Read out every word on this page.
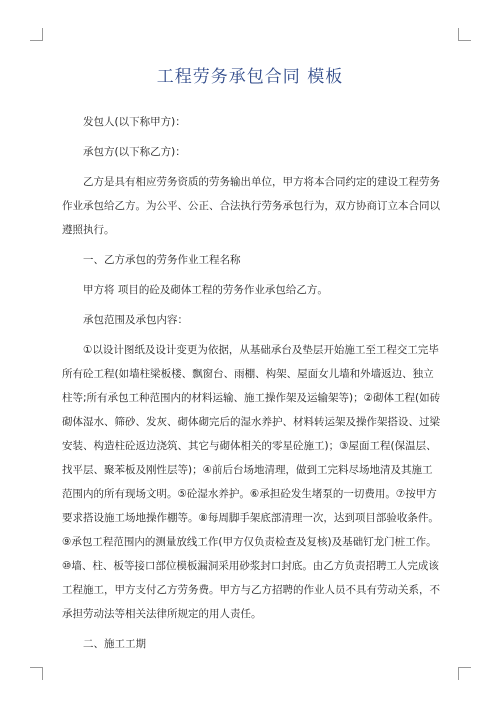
工程劳务承包合同 模板

发包人(以下称甲方)：

承包方(以下称乙方)：

乙方是具有相应劳务资质的劳务输出单位，甲方将本合同约定的建设工程劳务作业承包给乙方。为公平、公正、合法执行劳务承包行为，双方协商订立本合同以遵照执行。

一、乙方承包的劳务作业工程名称

甲方将 项目的砼及砌体工程的劳务作业承包给乙方。

承包范围及承包内容：

①以设计图纸及设计变更为依据，从基础承台及垫层开始施工至工程交工完毕所有砼工程(如墙柱梁板楼、飘窗台、雨棚、构架、屋面女儿墙和外墙返边、独立柱等;所有承包工种范围内的材料运输、施工操作架及运输架等)；②砌体工程(如砖砌体湿水、筛砂、发灰、砌体砌完后的湿水养护、材料转运架及操作架搭设、过梁安装、构造柱砼返边浇筑、其它与砌体相关的零星砼施工)；③屋面工程(保温层、找平层、聚苯板及刚性层等)；④前后台场地清理，做到工完料尽场地清及其施工范围内的所有现场文明。⑤砼湿水养护。⑥承担砼发生堵泵的一切费用。⑦按甲方要求搭设施工场地操作棚等。⑧每周脚手架底部清理一次，达到项目部验收条件。⑨承包工程范围内的测量放线工作(甲方仅负责检查及复核)及基础钉龙门桩工作。⑩墙、柱、板等接口部位模板漏洞采用砂浆封口封底。由乙方负责招聘工人完成该工程施工，甲方支付乙方劳务费。甲方与乙方招聘的作业人员不具有劳动关系，不承担劳动法等相关法律所规定的用人责任。

二、施工工期
